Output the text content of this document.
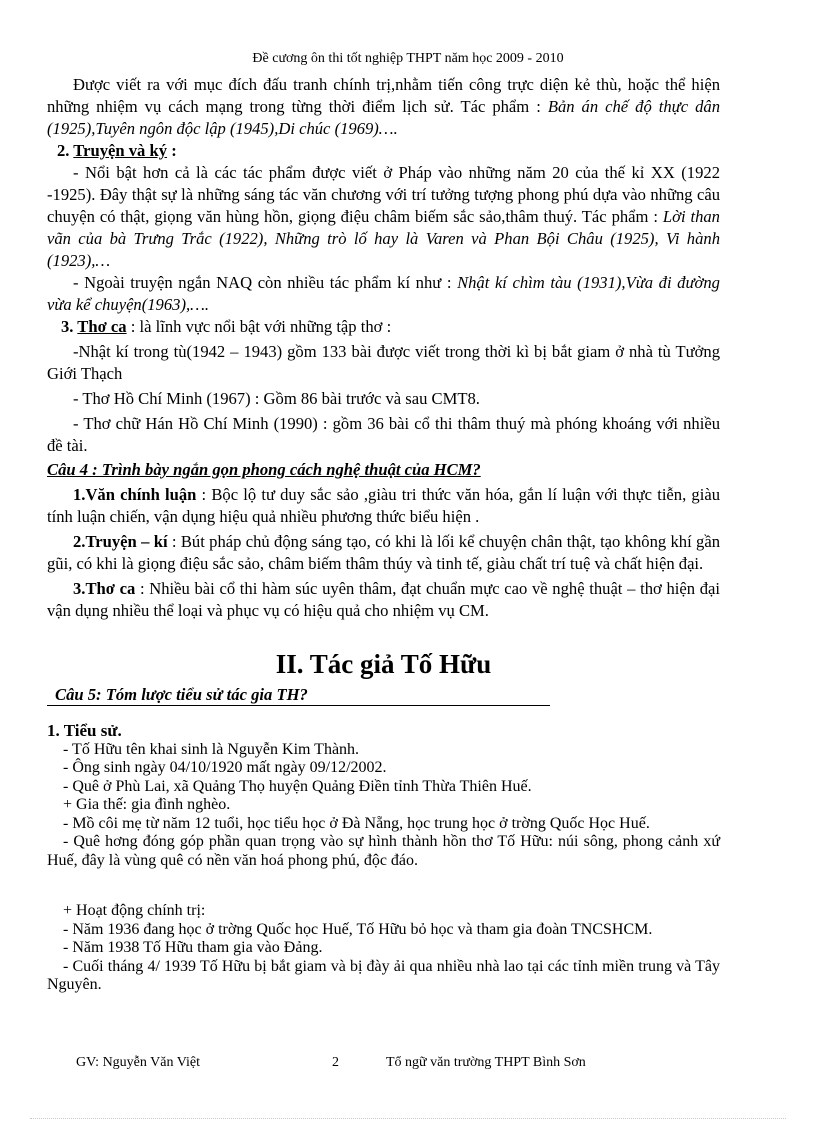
Đề cương ôn thi tốt nghiệp THPT năm học 2009 - 2010

Được viết ra với mục đích đấu tranh chính trị,nhằm tiến công trực diện kẻ thù, hoặc thể hiện những nhiệm vụ cách mạng trong từng thời điểm lịch sử. Tác phẩm : Bản án chế độ thực dân (1925),Tuyên ngôn độc lập (1945),Di chúc (1969)….

2. Truyện và ký :

- Nổi bật hơn cả là các tác phẩm được viết ở Pháp vào những năm 20 của thế kỉ XX (1922 -1925). Đây thật sự là những sáng tác văn chương với trí tưởng tượng phong phú dựa vào những câu chuyện có thật, giọng văn hùng hồn, giọng điệu châm biếm sắc sảo,thâm thuý. Tác phẩm : Lời than vãn của bà Trưng Trắc (1922), Những trò lố hay là Varen và Phan Bội Châu (1925), Vi hành (1923),…

- Ngoài truyện ngắn NAQ còn nhiều tác phẩm kí như : Nhật kí chìm tàu (1931),Vừa đi đường vừa kể chuyện(1963),….

3. Thơ ca : là lĩnh vực nổi bật với những tập thơ :

-Nhật kí trong tù(1942 – 1943) gồm 133 bài được viết trong thời kì bị bắt giam ở nhà tù Tưởng Giới Thạch

- Thơ Hồ Chí Minh (1967) : Gồm 86 bài trước và sau CMT8.

- Thơ chữ Hán Hồ Chí Minh (1990) : gồm 36 bài cổ thi thâm thuý mà phóng khoáng với nhiều đề tài.

Câu 4 : Trình bày ngắn gọn phong cách nghệ thuật của HCM?

1.Văn chính luận : Bộc lộ tư duy sắc sảo ,giàu tri thức văn hóa, gắn lí luận với thực tiễn, giàu tính luận chiến, vận dụng hiệu quả nhiều phương thức biểu hiện .

2.Truyện – kí : Bút pháp chủ động sáng tạo, có khi là lối kể chuyện chân thật, tạo không khí gần gũi, có khi là giọng điệu sắc sảo, châm biếm thâm thúy và tinh tế, giàu chất trí tuệ và chất hiện đại.

3.Thơ ca : Nhiều bài cổ thi hàm súc uyên thâm, đạt chuẩn mực cao về nghệ thuật – thơ hiện đại vận dụng nhiều thể loại và phục vụ có hiệu quả cho nhiệm vụ CM.

II. Tác giả Tố Hữu
Câu 5: Tóm lược tiểu sử tác gia TH?
1. Tiểu sử.

- Tố Hữu tên khai sinh là Nguyễn Kim Thành.

- Ông sinh ngày 04/10/1920 mất ngày 09/12/2002.

- Quê ở Phù Lai, xã Quảng Thọ huyện Quảng Điền tỉnh Thừa Thiên Huế.

+ Gia thế: gia đình nghèo.

- Mồ côi mẹ từ năm 12 tuổi, học tiểu học ở Đà Nẵng, học trung học ở trờng Quốc Học Huế.

- Quê hơng đóng góp phần quan trọng vào sự hình thành hồn thơ Tố Hữu: núi sông, phong cảnh xứ Huế, đây là vùng quê có nền văn hoá phong phú, độc đáo.

+ Hoạt động chính trị:

- Năm 1936 đang học ở trờng Quốc học Huế, Tố Hữu bỏ học và tham gia đoàn TNCSHCM.

- Năm 1938 Tố Hữu tham gia vào Đảng.

- Cuối tháng 4/ 1939 Tố Hữu bị bắt giam và bị đày ải qua nhiều nhà lao tại các tỉnh miền trung và Tây Nguyên.

GV: Nguyễn Văn Việt	2	Tổ ngữ văn trường THPT Bình Sơn
